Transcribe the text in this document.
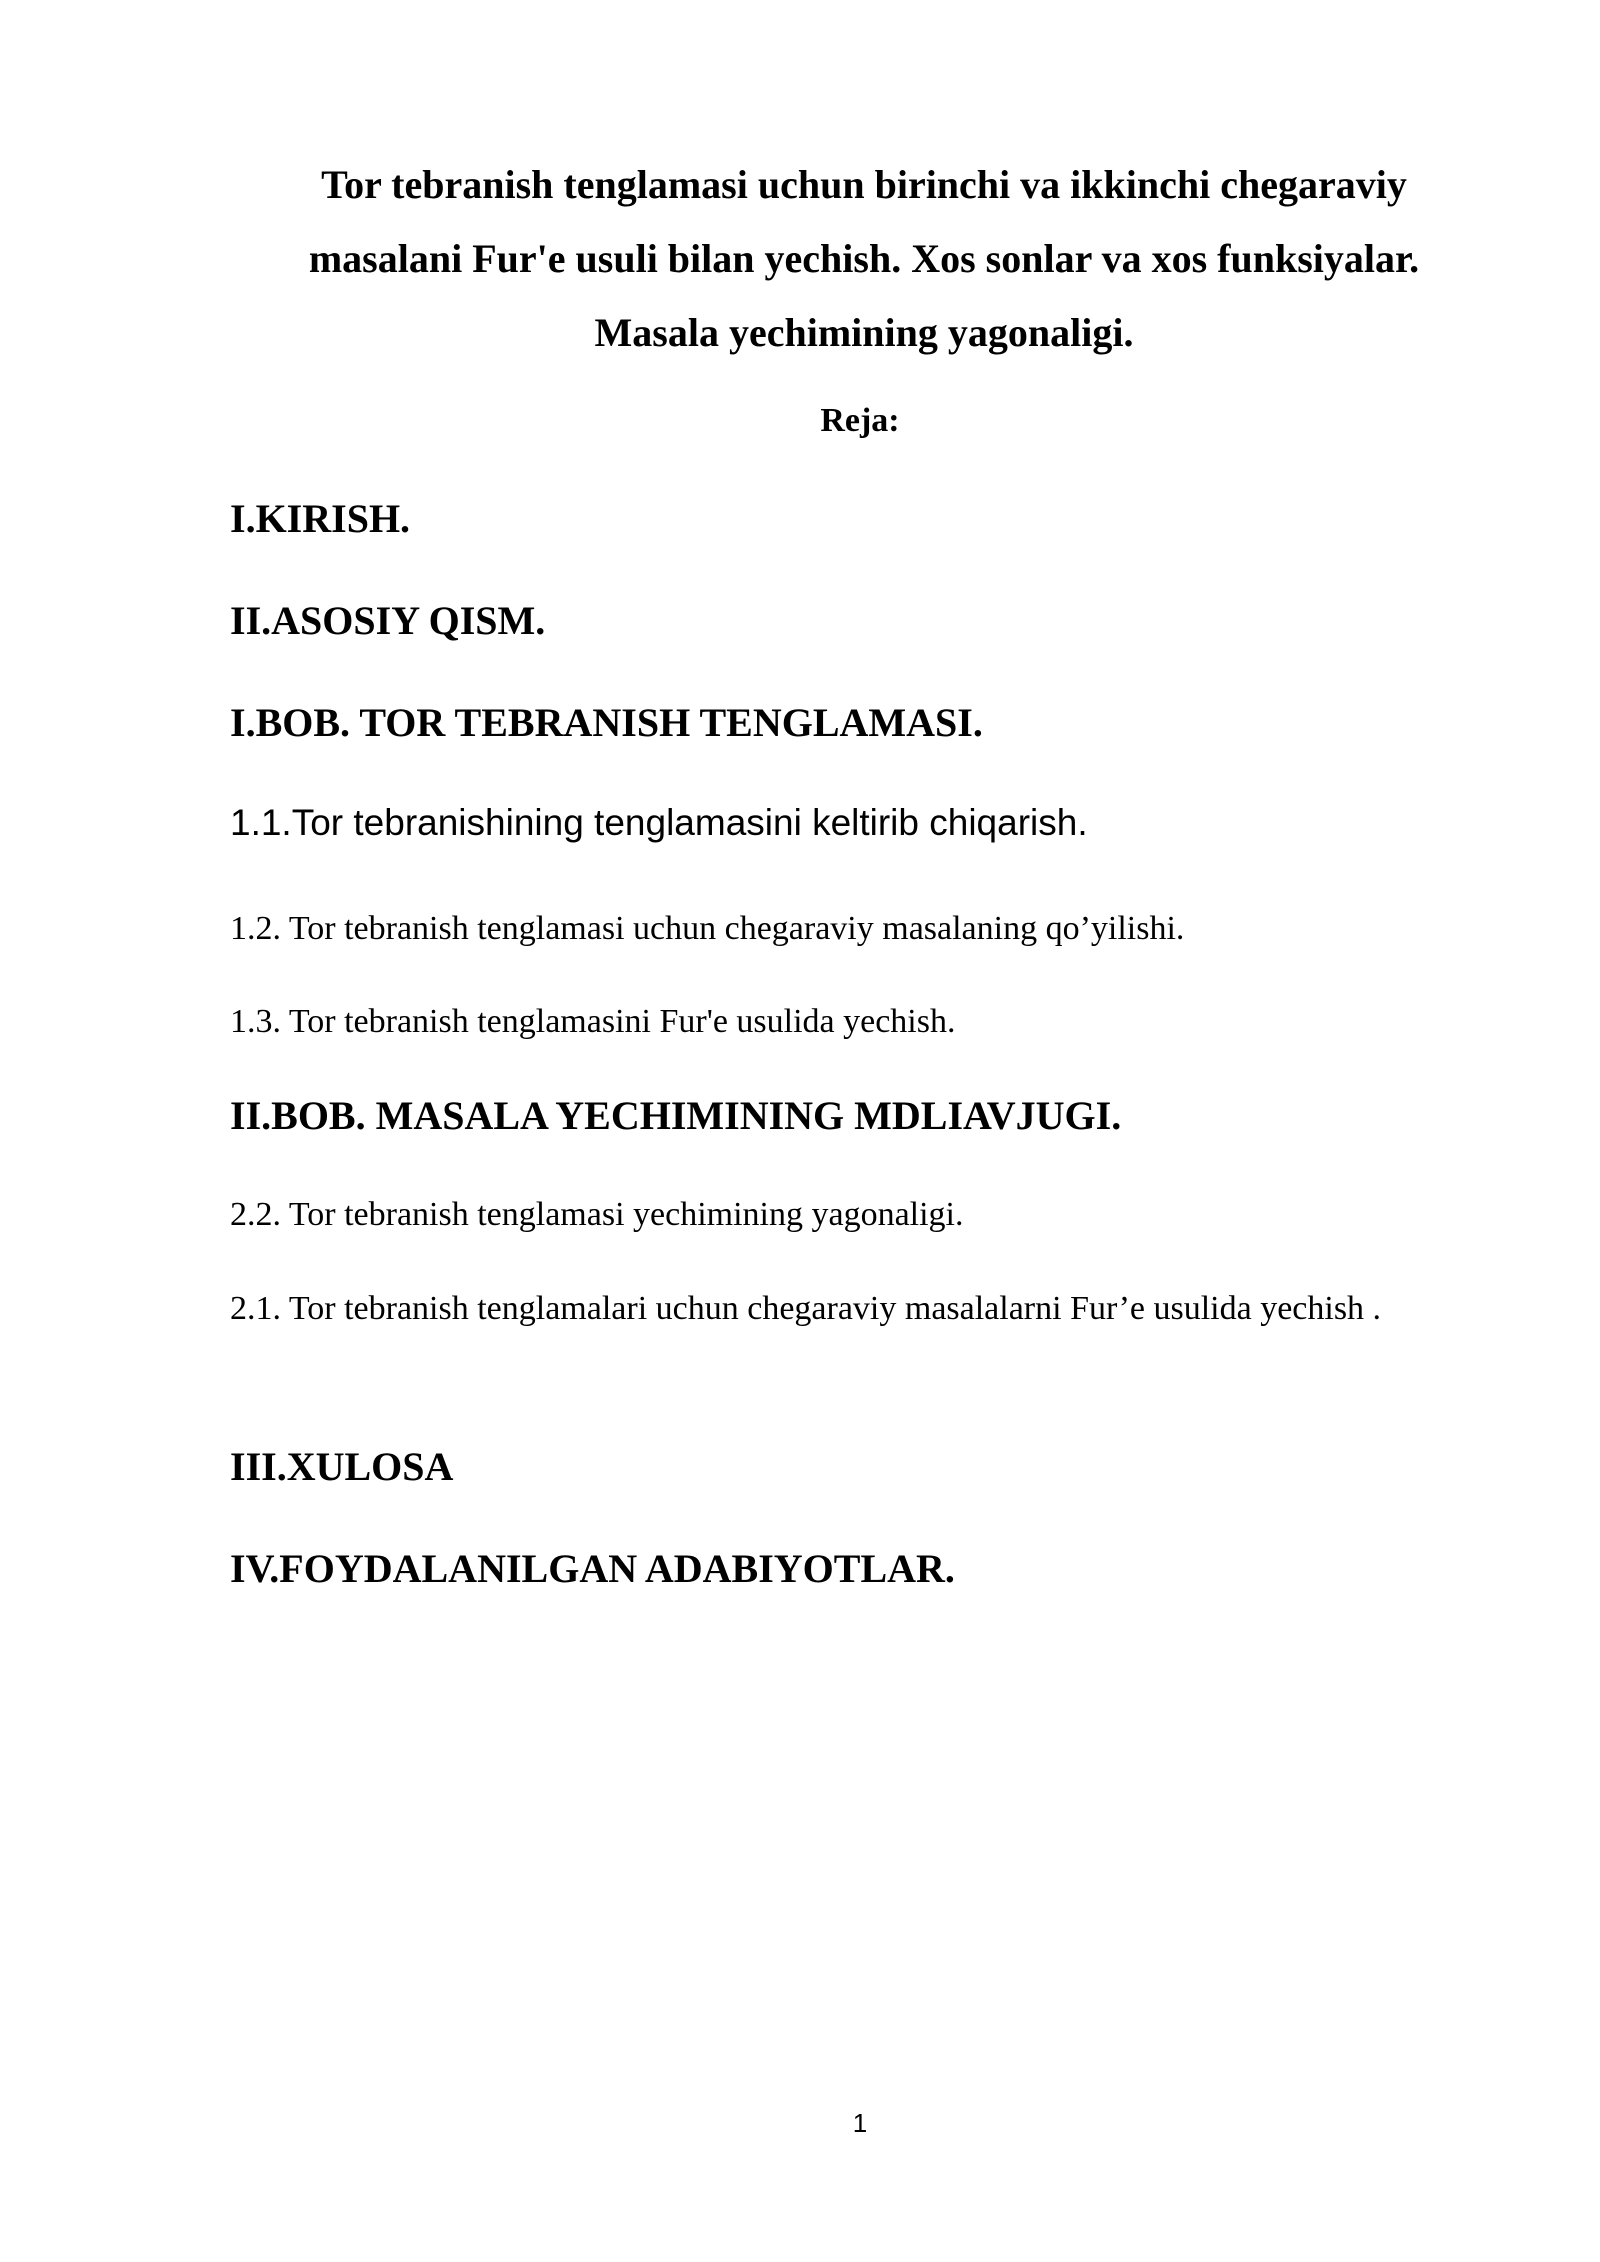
Tor tebranish tenglamasi uchun birinchi va ikkinchi chegaraviy
masalani Fur'e usuli bilan yechish. Xos sonlar va xos funksiyalar.
Masala yechimining yagonaligi.

Reja:

I.KIRISH.

II.ASOSIY QISM.

I.BOB. TOR TEBRANISH TENGLAMASI.

1.1.Tor tebranishining tenglamasini keltirib chiqarish.

1.2. Tor tebranish tenglamasi uchun chegaraviy masalaning qo’yilishi.

1.3. Tor tebranish tenglamasini Fur'e usulida yechish.

II.BOB. MASALA YECHIMINING MDLIAVJUGI.

2.2. Tor tebranish tenglamasi yechimining yagonaligi.

2.1. Tor tebranish tenglamalari uchun chegaraviy masalalarni Fur’e usulida yechish .

III.XULOSA

IV.FOYDALANILGAN ADABIYOTLAR.

1
